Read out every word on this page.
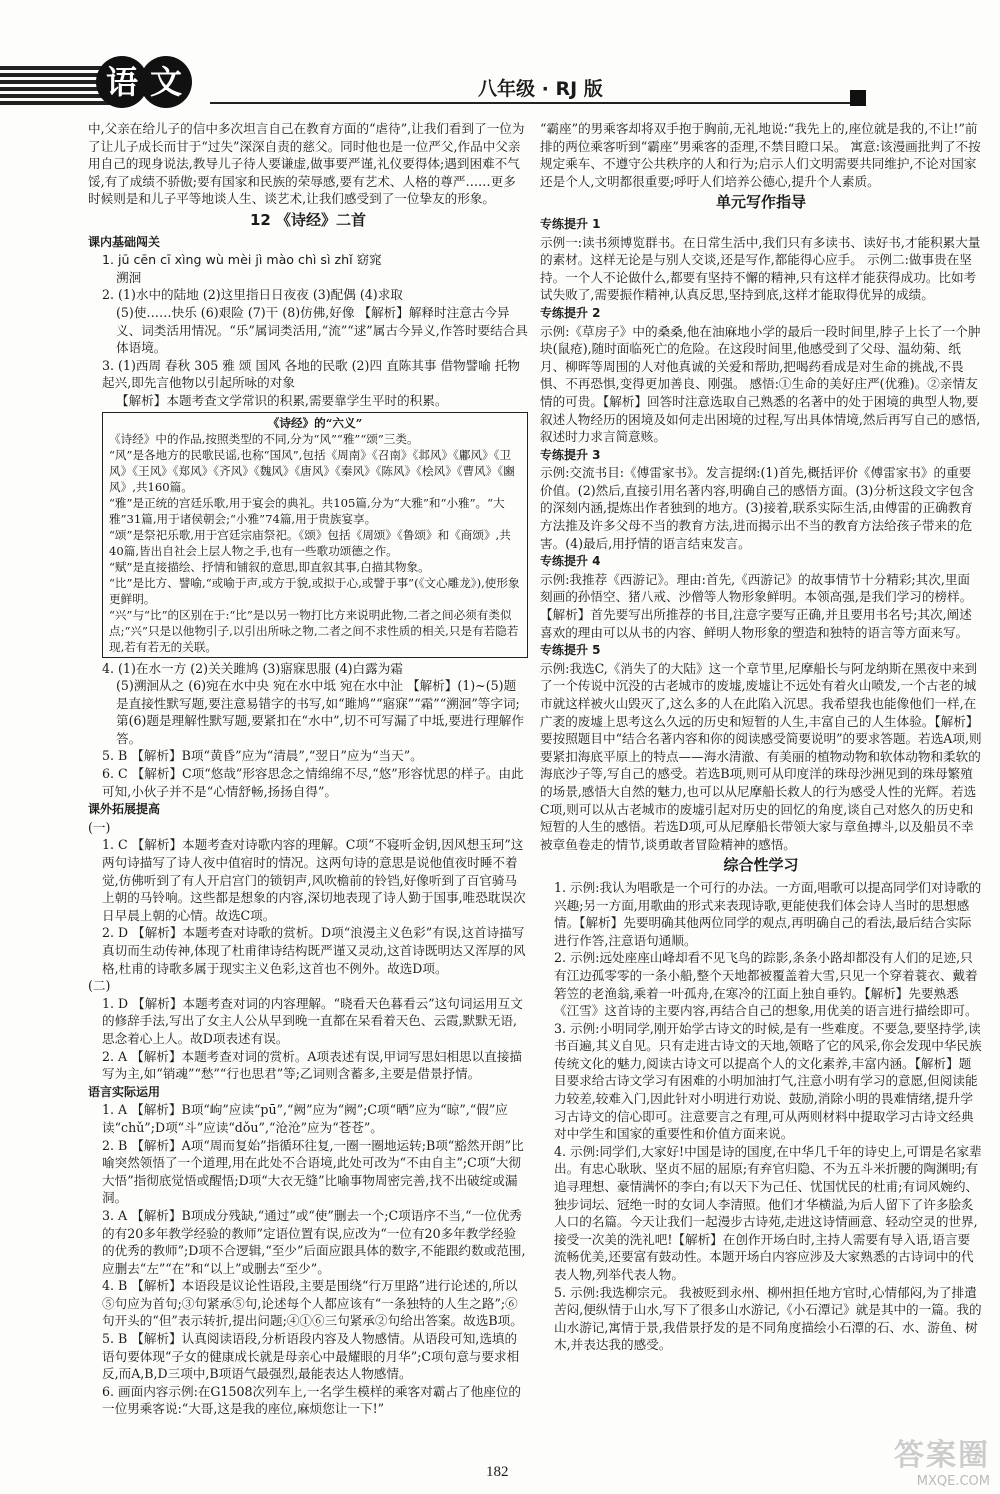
语 文	八年级 · RJ 版

中,父亲在给儿子的信中多次坦言自己在教育方面的“虐待”,让我们看到了一位为了让儿子成长而甘于“过失”深深自责的慈父。同时他也是一位严父,作品中父亲用自己的现身说法,教导儿子待人要谦虚,做事要严谨,礼仪要得体;遇到困难不气馁,有了成绩不骄傲;要有国家和民族的荣辱感,要有艺术、人格的尊严……更多时候则是和儿子平等地谈人生、谈艺术,让我们感受到了一位挚友的形象。

12 《诗经》二首
课内基础闯关

1. jū cēn cī xìng wù mèi jì mào chì sì zhǐ 窈窕

溯洄

2. (1)水中的陆地 (2)这里指日日夜夜 (3)配偶 (4)求取

(5)使……快乐 (6)艰险 (7)干 (8)仿佛,好像 【解析】解释时注意古今异义、词类活用情况。“乐”属词类活用,“流”“逑”属古今异义,作答时要结合具体语境。

3. (1)西周 春秋 305 雅 颂 国风 各地的民歌 (2)四 直陈其事 借物譬喻 托物起兴,即先言他物以引起所咏的对象

【解析】本题考查文学常识的积累,需要靠学生平时的积累。

《诗经》的“六义”

《诗经》中的作品,按照类型的不同,分为“风”“雅”“颂”三类。

“风”是各地方的民歌民谣,也称“国风”,包括《周南》《召南》《邶风》《鄘风》《卫风》《王风》《郑风》《齐风》《魏风》《唐风》《秦风》《陈风》《桧风》《曹风》《豳风》,共160篇。

“雅”是正统的宫廷乐歌,用于宴会的典礼。共105篇,分为“大雅”和“小雅”。“大雅”31篇,用于诸侯朝会;“小雅”74篇,用于贵族宴享。

“颂”是祭祀乐歌,用于宫廷宗庙祭祀。《颂》包括《周颂》《鲁颂》和《商颂》,共40篇,皆出自社会上层人物之手,也有一些歌功颂德之作。

“赋”是直接描绘、抒情和铺叙的意思,即直叙其事,白描其物象。

“比”是比方、譬喻,“或喻于声,或方于貌,或拟于心,或譬于事”(《文心雕龙》),使形象更鲜明。

“兴”与“比”的区别在于:“比”是以另一物打比方来说明此物,二者之间必须有类似点;“兴”只是以他物引子,以引出所咏之物,二者之间不求性质的相关,只是有若隐若现,若有若无的关联。

4. (1)在水一方 (2)关关雎鸠 (3)寤寐思服 (4)白露为霜

(5)溯洄从之 (6)宛在水中央 宛在水中坻 宛在水中沚 【解析】(1)~(5)题是直接性默写题,要注意易错字的书写,如“雎鸠”“寤寐”“霜”“溯洄”等字词;第(6)题是理解性默写题,要紧扣在“水中”,切不可写漏了中坻,要进行理解作答。

5. B 【解析】B项“黄昏”应为“清晨”,“翌日”应为“当天”。

6. C 【解析】C项“悠哉”形容思念之情绵绵不尽,“悠”形容忧思的样子。由此可知,小伙子并不是“心情舒畅,扬扬自得”。

课外拓展提高

(一)

1. C 【解析】本题考查对诗歌内容的理解。C项“不寝听金钥,因风想玉珂”这两句诗描写了诗人夜中值宿时的情况。这两句诗的意思是说他值夜时睡不着觉,仿佛听到了有人开启宫门的锁钥声,风吹檐前的铃铛,好像听到了百官骑马上朝的马铃响。这些都是想象的内容,深切地表现了诗人勤于国事,唯恐耽误次日早晨上朝的心情。故选C项。

2. D 【解析】本题考查对诗歌的赏析。D项“浪漫主义色彩”有误,这首诗描写真切而生动传神,体现了杜甫律诗结构既严谨又灵动,这首诗既明达又浑厚的风格,杜甫的诗歌多属于现实主义色彩,这首也不例外。故选D项。

(二)

1. D 【解析】本题考查对词的内容理解。“晓看天色暮看云”这句词运用互文的修辞手法,写出了女主人公从早到晚一直都在呆看着天色、云霞,默默无语,思念着心上人。故D项表述有误。

2. A 【解析】本题考查对词的赏析。A项表述有误,甲词写思妇相思以直接描写为主,如“销魂”“愁”“行也思君”等;乙词则含蓄多,主要是借景抒情。

语言实际运用

1. A 【解析】B项“岣”应读“pū”,“阙”应为“阙”;C项“晒”应为“晾”,“假”应读“chǔ”;D项“斗”应读“dǒu”,“沧沧”应为“苍苍”。

2. B 【解析】A项“周而复始”指循环往复,一圈一圈地运转;B项“豁然开朗”比喻突然领悟了一个道理,用在此处不合语境,此处可改为“不由自主”;C项“大彻大悟”指彻底觉悟或醒悟;D项“大衣无缝”比喻事物周密完善,找不出破绽或漏洞。

3. A 【解析】B项成分残缺,“通过”或“使”删去一个;C项语序不当,“一位优秀的有20多年教学经验的教师”定语位置有误,应改为“一位有20多年教学经验的优秀的教师”;D项不合逻辑,“至少”后面应跟具体的数字,不能跟约数或范围,应删去“左”“在”和“以上”或删去“至少”。

4. B 【解析】本语段是议论性语段,主要是围绕“行万里路”进行论述的,所以⑤句应为首句;③句紧承⑤句,论述每个人都应该有“一条独特的人生之路”;⑥句开头的“但”表示转折,提出问题;④①⑥三句紧承②句给出答案。故选B项。

5. B 【解析】认真阅读语段,分析语段内容及人物感情。从语段可知,选填的语句要体现“子女的健康成长就是母亲心中最耀眼的月华”;C项句意与要求相反,而A,B,D三项中,B项语气最强烈,最能表达人物感情。

6. 画面内容示例:在G1508次列车上,一名学生模样的乘客对霸占了他座位的一位男乘客说:“大哥,这是我的座位,麻烦您让一下!”

“霸座”的男乘客却将双手抱于胸前,无礼地说:“我先上的,座位就是我的,不让!”前排的两位乘客听到“霸座”男乘客的歪理,不禁目瞪口呆。 寓意:该漫画批判了不按规定乘车、不遵守公共秩序的人和行为;启示人们文明需要共同维护,不论对国家还是个人,文明都很重要;呼吁人们培养公德心,提升个人素质。

单元写作指导
专练提升 1

示例一:读书须博览群书。在日常生活中,我们只有多读书、读好书,才能积累大量的素材。这样无论是与别人交谈,还是写作,都能得心应手。 示例二:做事贵在坚持。一个人不论做什么,都要有坚持不懈的精神,只有这样才能获得成功。比如考试失败了,需要振作精神,认真反思,坚持到底,这样才能取得优异的成绩。

专练提升 2

示例:《草房子》中的桑桑,他在油麻地小学的最后一段时间里,脖子上长了一个肿块(鼠疮),随时面临死亡的危险。在这段时间里,他感受到了父母、温幼菊、纸月、柳晖等周围的人对他真诚的关爱和帮助,把喝药看成是对生命的挑战,不畏惧、不再恐惧,变得更加善良、刚强。 感悟:①生命的美好庄严(优雅)。②亲情友情的可贵。【解析】回答时注意选取自己熟悉的名著中的处于困境的典型人物,要叙述人物经历的困境及如何走出困境的过程,写出具体情境,然后再写自己的感悟,叙述时力求言简意赅。

专练提升 3

示例:交流书目:《傅雷家书》。发言提纲:(1)首先,概括评价《傅雷家书》的重要价值。(2)然后,直接引用名著内容,明确自己的感悟方面。(3)分析这段文字包含的深刻内涵,提炼出作者独到的地方。(3)接着,联系实际生活,由傅雷的正确教育方法推及许多父母不当的教育方法,进而揭示出不当的教育方法给孩子带来的危害。(4)最后,用抒情的语言结束发言。

专练提升 4

示例:我推荐《西游记》。理由:首先,《西游记》的故事情节十分精彩;其次,里面刻画的孙悟空、猪八戒、沙僧等人物形象鲜明。本领高强,是我们学习的榜样。【解析】首先要写出所推荐的书目,注意字要写正确,并且要用书名号;其次,阐述喜欢的理由可以从书的内容、鲜明人物形象的塑造和独特的语言等方面来写。

专练提升 5

示例:我选C,《消失了的大陆》这一个章节里,尼摩船长与阿龙纳斯在黑夜中来到了一个传说中沉没的古老城市的废墟,废墟让不远处有着火山喷发,一个古老的城市就这样被火山毁灭了,这么多的人在此陷入沉思。我希望我也能像他们一样,在广袤的废墟上思考这么久远的历史和短暂的人生,丰富自己的人生体验。【解析】要按照题目中“结合名著内容和你的阅读感受简要说明”的要求答题。若选A项,则要紧扣海底平原上的特点——海水清澈、有美丽的植物动物和软体动物和柔软的海底沙子等,写自己的感受。若选B项,则可从印度洋的珠母沙洲见到的珠母繁殖的场景,感悟大自然的魅力,也可以从尼摩船长救人的行为感受人性的光辉。若选C项,则可以从古老城市的废墟引起对历史的回忆的角度,谈自己对悠久的历史和短暂的人生的感悟。若选D项,可从尼摩船长带领大家与章鱼搏斗,以及船员不幸被章鱼卷走的情节,谈勇敢者冒险精神的感悟。

综合性学习

1. 示例:我认为唱歌是一个可行的办法。一方面,唱歌可以提高同学们对诗歌的兴趣;另一方面,用歌曲的形式来表现诗歌,更能使我们体会诗人当时的思想感情。【解析】先要明确其他两位同学的观点,再明确自己的看法,最后结合实际进行作答,注意语句通顺。

2. 示例:远处座座山峰却看不见飞鸟的踪影,条条小路却都没有人们的足迹,只有江边孤零零的一条小船,整个天地都被覆盖着大雪,只见一个穿着蓑衣、戴着箬笠的老渔翁,乘着一叶孤舟,在寒冷的江面上独自垂钓。【解析】先要熟悉《江雪》这首诗的主要内容,再结合自己的想象,用优美的语言进行描绘即可。

3. 示例:小明同学,刚开始学古诗文的时候,是有一些难度。不要急,要坚持学,读书百遍,其义自见。只有走进古诗文的天地,领略了它的风采,你会发现中华民族传统文化的魅力,阅读古诗文可以提高个人的文化素养,丰富内涵。【解析】题目要求给古诗文学习有困难的小明加油打气,注意小明有学习的意愿,但阅读能力较差,较难入门,因此针对小明进行劝说、鼓励,消除小明的畏难情绪,提升学习古诗文的信心即可。注意要言之有理,可从两则材料中提取学习古诗文经典对中学生和国家的重要性和价值方面来说。

4. 示例:同学们,大家好!中国是诗的国度,在中华几千年的诗史上,可谓是名家辈出。有忠心耿耿、坚贞不屈的屈原;有弃官归隐、不为五斗米折腰的陶渊明;有追寻理想、豪情满怀的李白;有以天下为己任、忧国忧民的杜甫;有词风婉约、独步词坛、冠绝一时的女词人李清照。他们才华横溢,为后人留下了许多脍炙人口的名篇。今天让我们一起漫步古诗苑,走进这诗情画意、轻动空灵的世界,接受一次美的洗礼吧!【解析】在创作开场白时,主持人需要有导入语,语言要流畅优美,还要富有鼓动性。本题开场白内容应涉及大家熟悉的古诗词中的代表人物,列举代表人物。

5. 示例:我选柳宗元。 我被贬到永州、柳州担任地方官时,心情郁闷,为了排遣苦闷,便纵情于山水,写下了很多山水游记,《小石潭记》就是其中的一篇。我的山水游记,寓情于景,我借景抒发的是不同角度描绘小石潭的石、水、游鱼、树木,并表达我的感受。

182	答案圈
MXQE.COM
